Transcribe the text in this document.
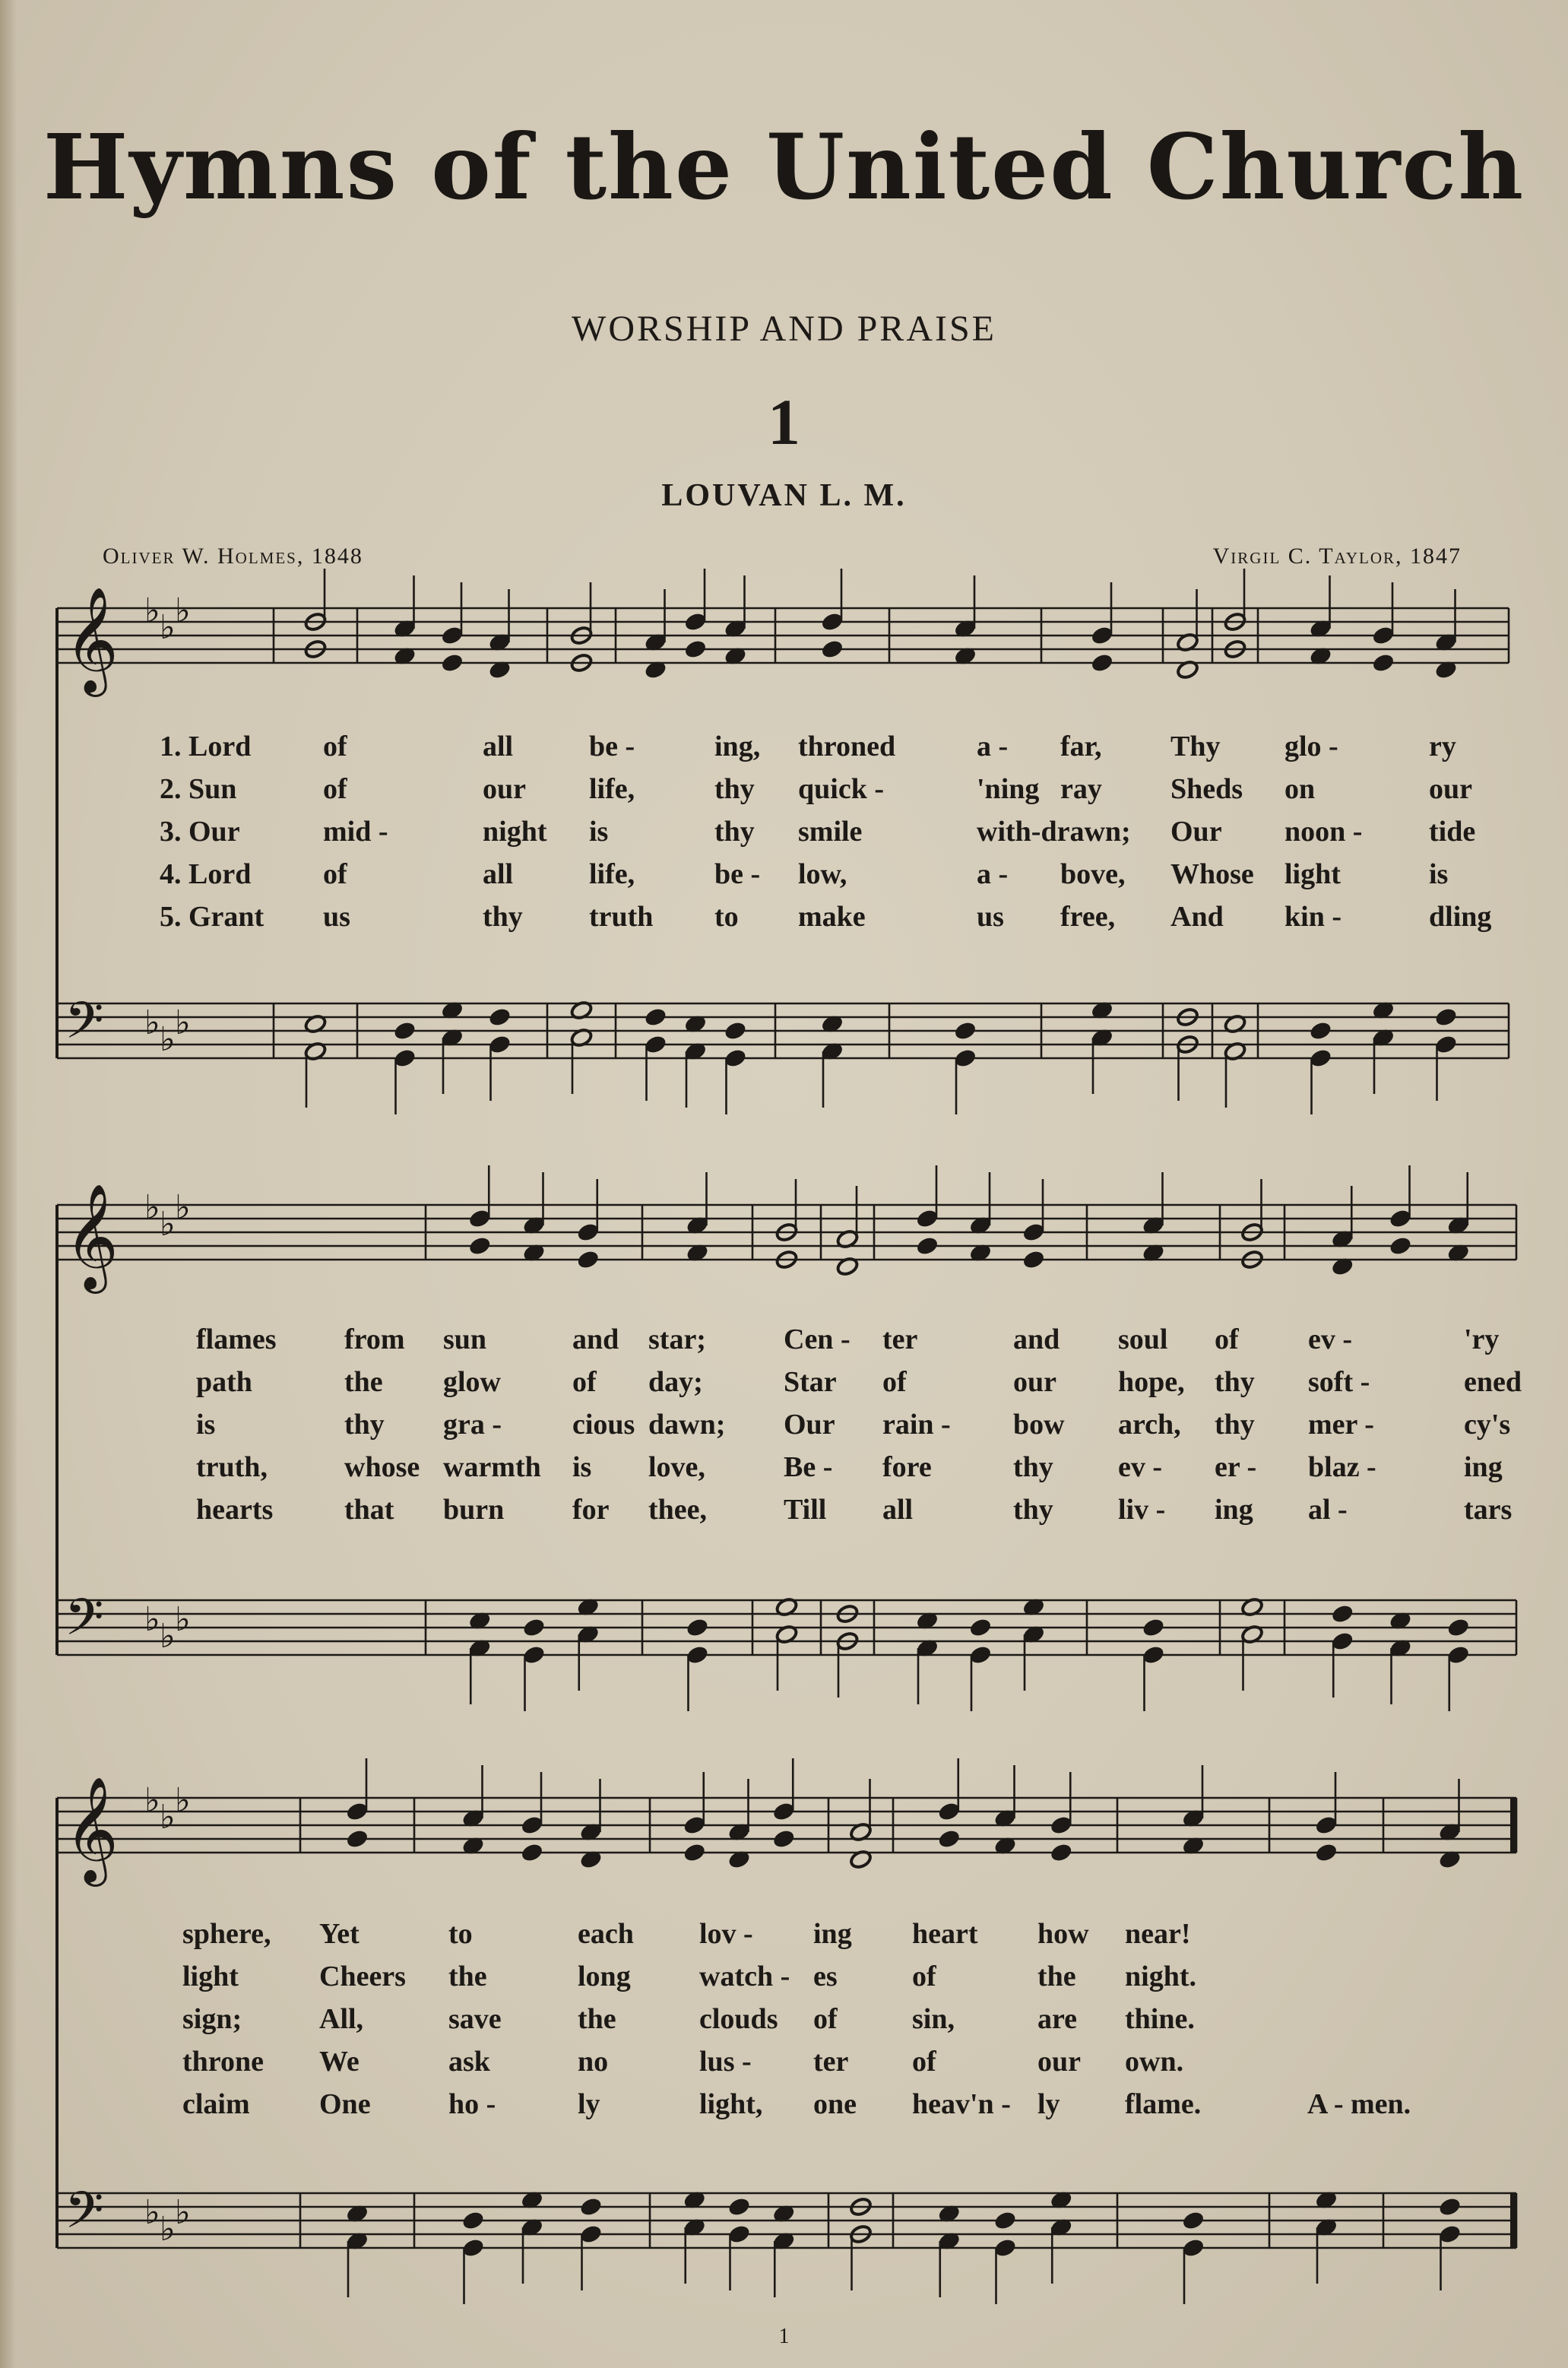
Hymns of the United Church
WORSHIP AND PRAISE
1
LOUVAN L. M.
Oliver W. Holmes, 1848	Virgil C. Taylor, 1847
𝄞
𝄢
♭
♭
♭
♭
♭
♭
𝄞
𝄢
♭
♭
♭
♭
♭
♭
𝄞
𝄢
♭
♭
♭
♭
♭
♭
1. Lord of	all	be -	ing, throned	a - far, Thy glo -	ry
2. Sun	of	our life,	thy quick -	'ning ray Sheds on	our
3. Our	mid -	night is	thy smile	with-drawn; Our noon - tide
4. Lord of	all	life,	be - low,	a - bove, Whose light	is
5. Grant us	thy truth to make	us free, And kin -	dling
flames from sun	and star;	Cen - ter	and soul of ev -	'ry
path	the glow of day;	Star of	our hope, thy soft -	ened
is	thy gra - cious dawn; Our rain - bow arch, thy mer -	cy's
truth,	whose warmth is love,	Be - fore	thy ev - er - blaz -	ing
hearts that burn for thee,	Till all	thy liv - ing al -	tars
sphere, Yet	to	each lov - ing heart how near!
light	Cheers the	long watch - es	of	the night.
sign;	All,	save	the	clouds of	sin,	are thine.
throne We	ask	no	lus - ter of	our own.
claim One	ho -	ly	light, one heav'n - ly flame.	A - men.
1
